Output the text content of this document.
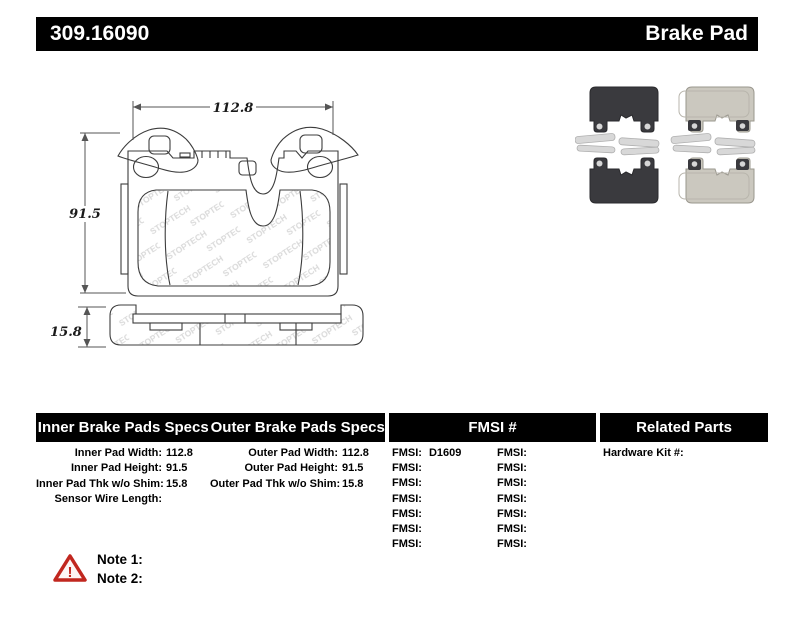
309.16090	Brake Pad
112.8
91.5
15.8
Inner Brake Pads Specs Outer Brake Pads Specs	FMSI #	Related Parts
Inner Pad Width: 112.8
Inner Pad Height: 91.5
Inner Pad Thk w/o Shim: 15.8
Sensor Wire Length:
Outer Pad Width: 112.8
Outer Pad Height: 91.5
Outer Pad Thk w/o Shim: 15.8
FMSI: D1609
FMSI:
FMSI:
FMSI:
FMSI:
FMSI:
FMSI:
FMSI:
FMSI:
FMSI:
FMSI:
FMSI:
FMSI:
FMSI:
Hardware Kit #:
!
Note 1:
Note 2:
